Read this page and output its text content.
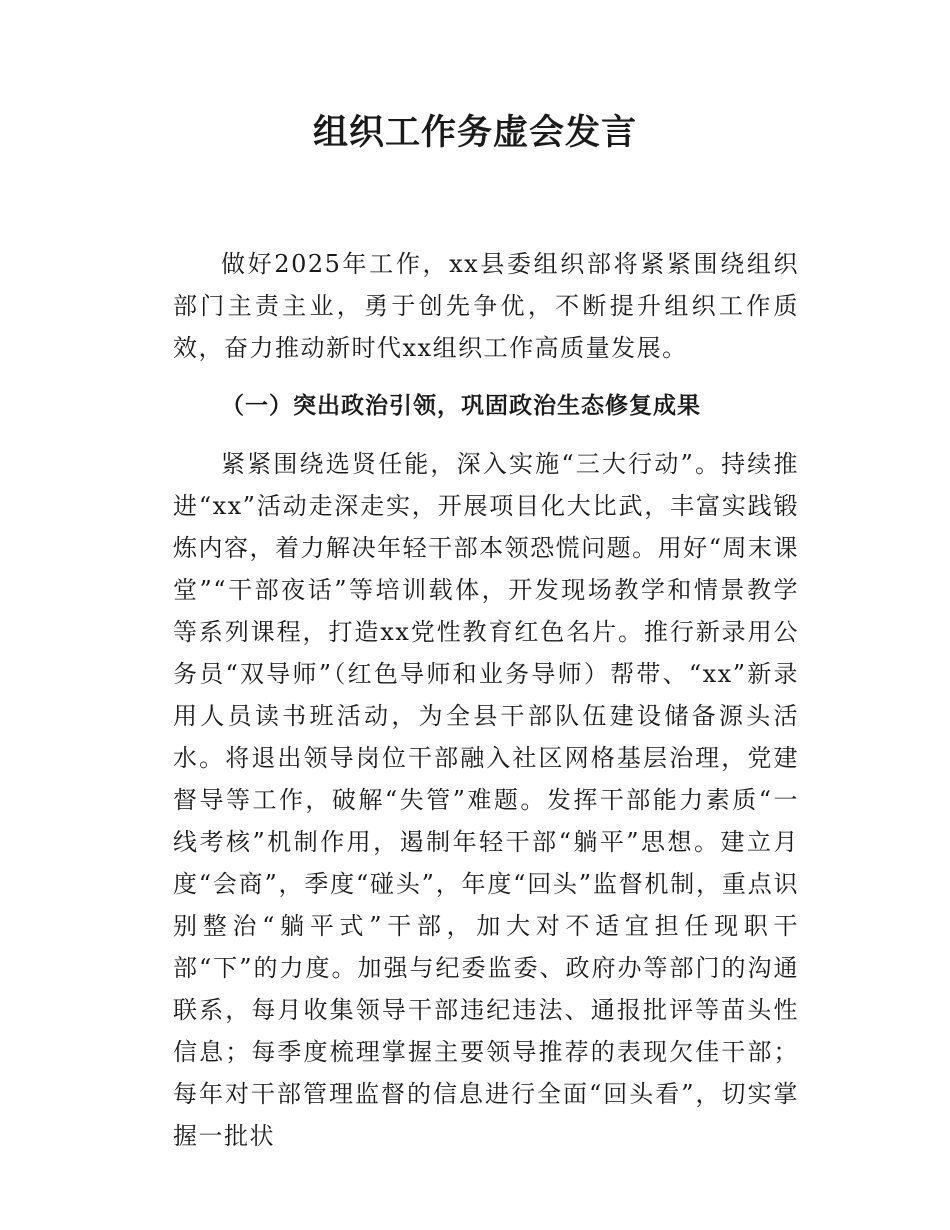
组织工作务虚会发言

做好2025年工作，xx县委组织部将紧紧围绕组织部门主责主业，勇于创先争优，不断提升组织工作质效，奋力推动新时代xx组织工作高质量发展。

（一）突出政治引领，巩固政治生态修复成果

紧紧围绕选贤任能，深入实施“三大行动”。持续推进“xx”活动走深走实，开展项目化大比武，丰富实践锻炼内容，着力解决年轻干部本领恐慌问题。用好“周末课堂”“干部夜话”等培训载体，开发现场教学和情景教学等系列课程，打造xx党性教育红色名片。推行新录用公务员“双导师”（红色导师和业务导师）帮带、“xx”新录用人员读书班活动，为全县干部队伍建设储备源头活水。将退出领导岗位干部融入社区网格基层治理，党建督导等工作，破解“失管”难题。发挥干部能力素质“一线考核”机制作用，遏制年轻干部“躺平”思想。建立月度“会商”，季度“碰头”，年度“回头”监督机制，重点识别整治“躺平式”干部，加大对不适宜担任现职干部“下”的力度。加强与纪委监委、政府办等部门的沟通联系，每月收集领导干部违纪违法、通报批评等苗头性信息；每季度梳理掌握主要领导推荐的表现欠佳干部；每年对干部管理监督的信息进行全面“回头看”，切实掌握一批状
